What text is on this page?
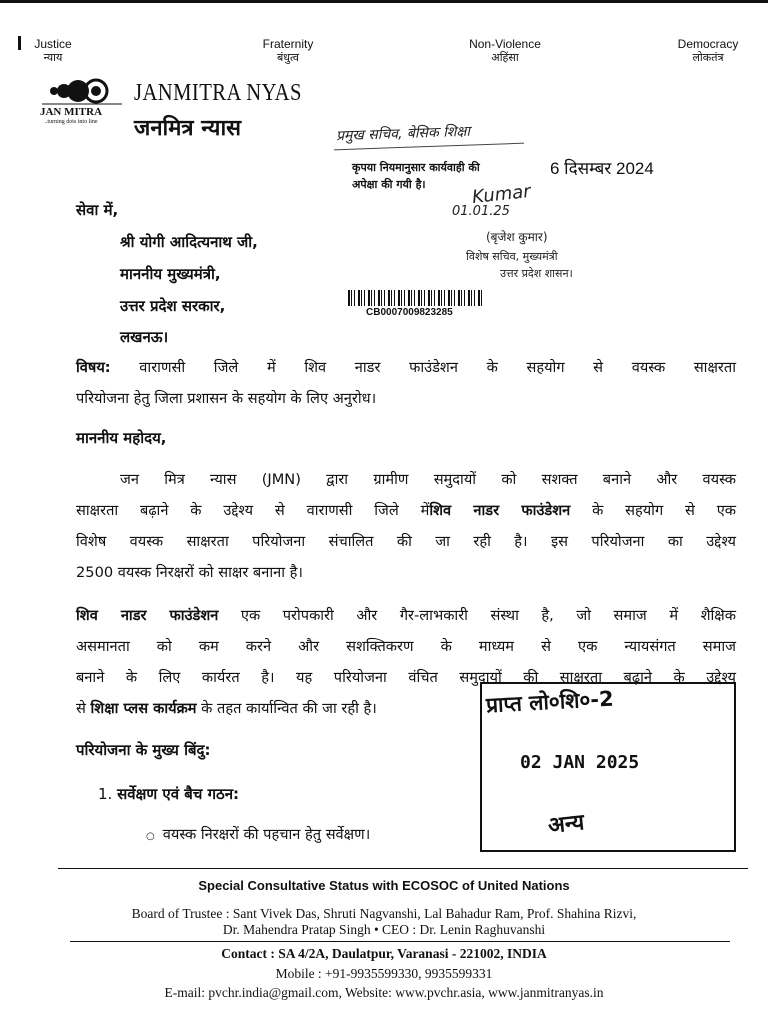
Justice
न्याय
Fraternity
बंधुत्व
Non-Violence
अहिंसा
Democracy
लोकतंत्र
JAN MITRA
..turning dots into line
JANMITRA NYAS
जनमित्र न्यास	प्रमुख सचिव, बेसिक शिक्षा
कृपया नियमानुसार कार्यवाही की
अपेक्षा की गयी है।
6 दिसम्बर 2024
Kumar
01.01.25
(बृजेश कुमार)
विशेष सचिव, मुख्यमंत्री
उत्तर प्रदेश शासन।
CB0007009823285
सेवा में,
श्री योगी आदित्यनाथ जी,
माननीय मुख्यमंत्री,
उत्तर प्रदेश सरकार,
लखनऊ।
विषय: वाराणसी जिले में शिव नाडर फाउंडेशन के सहयोग से वयस्क साक्षरता
परियोजना हेतु जिला प्रशासन के सहयोग के लिए अनुरोध।
माननीय महोदय,
जन मित्र न्यास (JMN) द्वारा ग्रामीण समुदायों को सशक्त बनाने और वयस्क
साक्षरता बढ़ाने के उद्देश्य से वाराणसी जिले मेंशिव नाडर फाउंडेशन के सहयोग से एक
विशेष वयस्क साक्षरता परियोजना संचालित की जा रही है। इस परियोजना का उद्देश्य
2500 वयस्क निरक्षरों को साक्षर बनाना है।
शिव नाडर फाउंडेशन एक परोपकारी और गैर-लाभकारी संस्था है, जो समाज में शैक्षिक
असमानता को कम करने और सशक्तिकरण के माध्यम से एक न्यायसंगत समाज
बनाने के लिए कार्यरत है। यह परियोजना वंचित समुदायों की साक्षरता बढ़ाने के उद्देश्य
से शिक्षा प्लस कार्यक्रम के तहत कार्यान्वित की जा रही है।
परियोजना के मुख्य बिंदु:
1. सर्वेक्षण एवं बैच गठन:
○ वयस्क निरक्षरों की पहचान हेतु सर्वेक्षण।
प्राप्त लो०शि०-2
02 JAN 2025
अन्य
Special Consultative Status with ECOSOC of United Nations
Board of Trustee : Sant Vivek Das, Shruti Nagvanshi, Lal Bahadur Ram, Prof. Shahina Rizvi,
Dr. Mahendra Pratap Singh • CEO : Dr. Lenin Raghuvanshi
Contact : SA 4/2A, Daulatpur, Varanasi - 221002, INDIA
Mobile : +91-9935599330, 9935599331
E-mail: pvchr.india@gmail.com, Website: www.pvchr.asia, www.janmitranyas.in
